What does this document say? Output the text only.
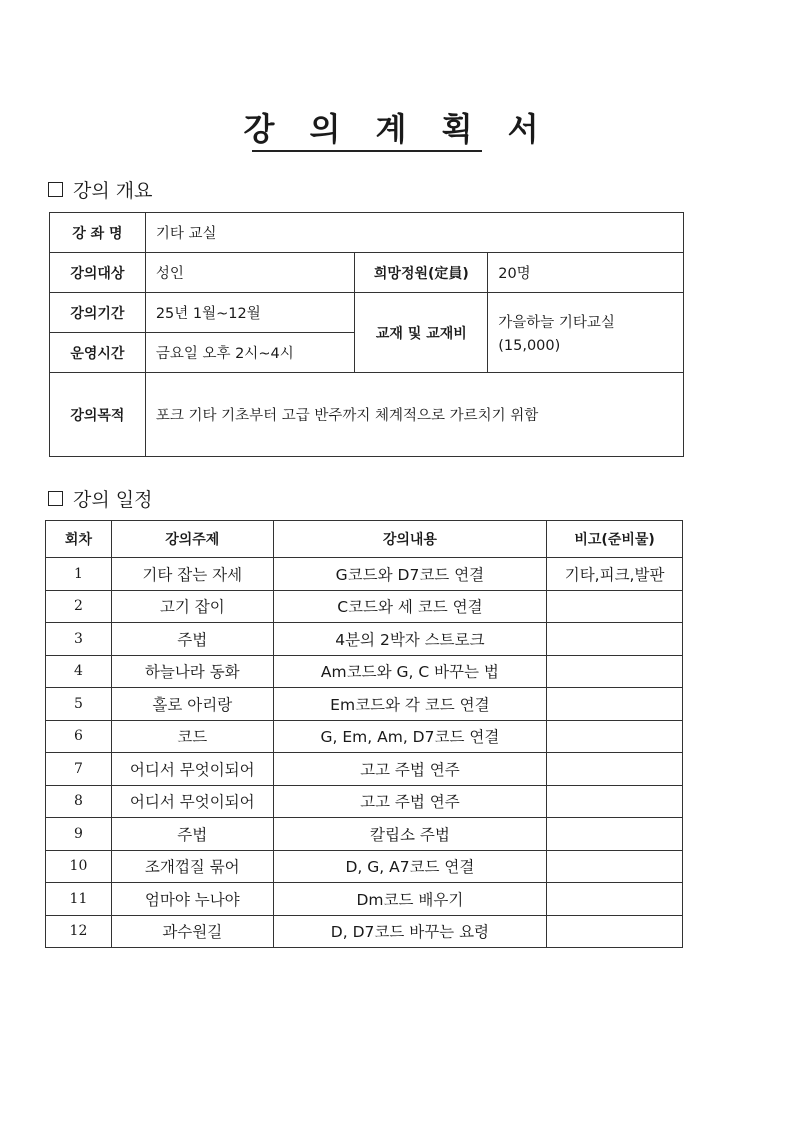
강 의 계 획 서
강의 개요
강 좌 명	기타 교실		
강의대상	성인	희망정원(定員)	20명
강의기간	25년 1월~12월	교재 및 교재비	가을하늘 기타교실
(15,000)

운영시간	금요일 오후 2시~4시		
강의목적	포크 기타 기초부터 고급 반주까지 체계적으로 가르치기 위함		
강의 일정
회차	강의주제	강의내용	비고(준비물)
1	기타 잡는 자세	G코드와 D7코드 연결	기타,피크,발판
2	고기 잡이	C코드와 세 코드 연결	
3	주법	4분의 2박자 스트로크	
4	하늘나라 동화	Am코드와 G, C 바꾸는 법	
5	홀로 아리랑	Em코드와 각 코드 연결	
6	코드	G, Em, Am, D7코드 연결	
7	어디서 무엇이되어	고고 주법 연주	
8	어디서 무엇이되어	고고 주법 연주	
9	주법	칼립소 주법	
10	조개껍질 묶어	D, G, A7코드 연결	
11	엄마야 누나야	Dm코드 배우기	
12	과수원길	D, D7코드 바꾸는 요령	
